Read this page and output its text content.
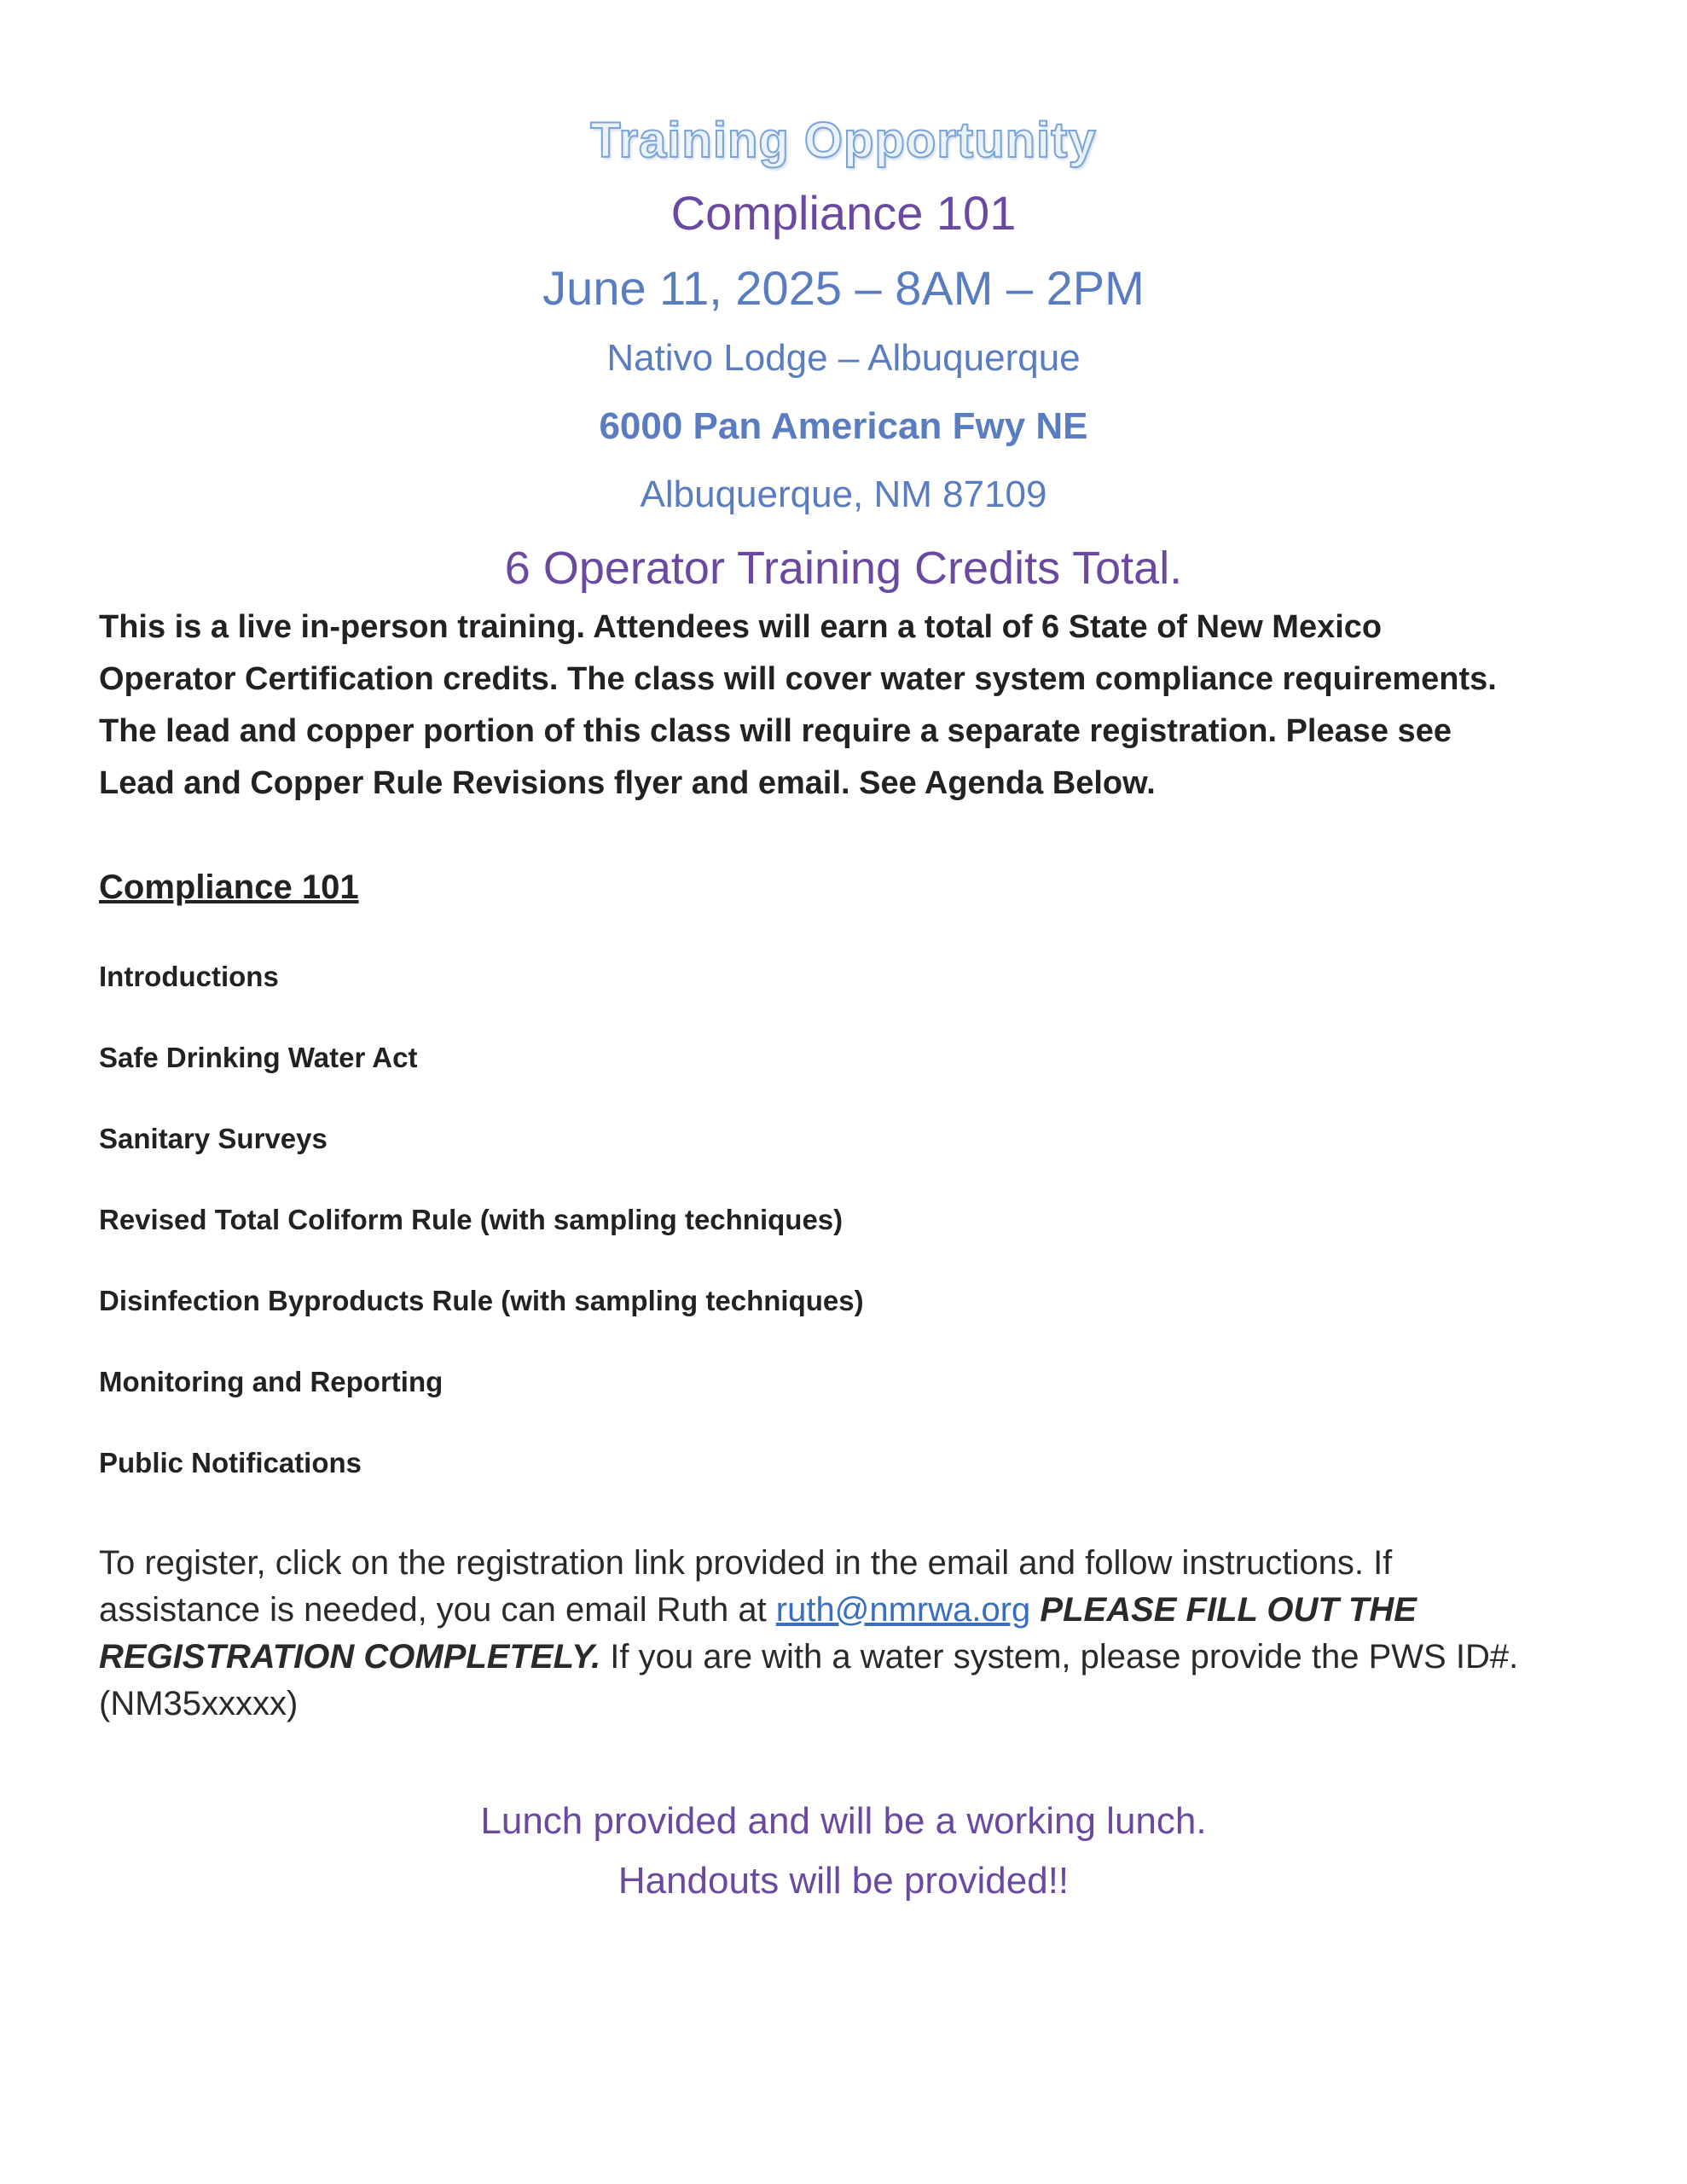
Training Opportunity
Compliance 101
June 11, 2025 – 8AM – 2PM
Nativo Lodge – Albuquerque
6000 Pan American Fwy NE
Albuquerque, NM 87109
6 Operator Training Credits Total.
This is a live in-person training. Attendees will earn a total of 6 State of New Mexico
Operator Certification credits. The class will cover water system compliance requirements.
The lead and copper portion of this class will require a separate registration. Please see
Lead and Copper Rule Revisions flyer and email. See Agenda Below.
Compliance 101
Introductions
Safe Drinking Water Act
Sanitary Surveys
Revised Total Coliform Rule (with sampling techniques)
Disinfection Byproducts Rule (with sampling techniques)
Monitoring and Reporting
Public Notifications
To register, click on the registration link provided in the email and follow instructions. If
assistance is needed, you can email Ruth at ruth@nmrwa.org PLEASE FILL OUT THE
REGISTRATION COMPLETELY. If you are with a water system, please provide the PWS ID#.
(NM35xxxxx)
Lunch provided and will be a working lunch.
Handouts will be provided!!
